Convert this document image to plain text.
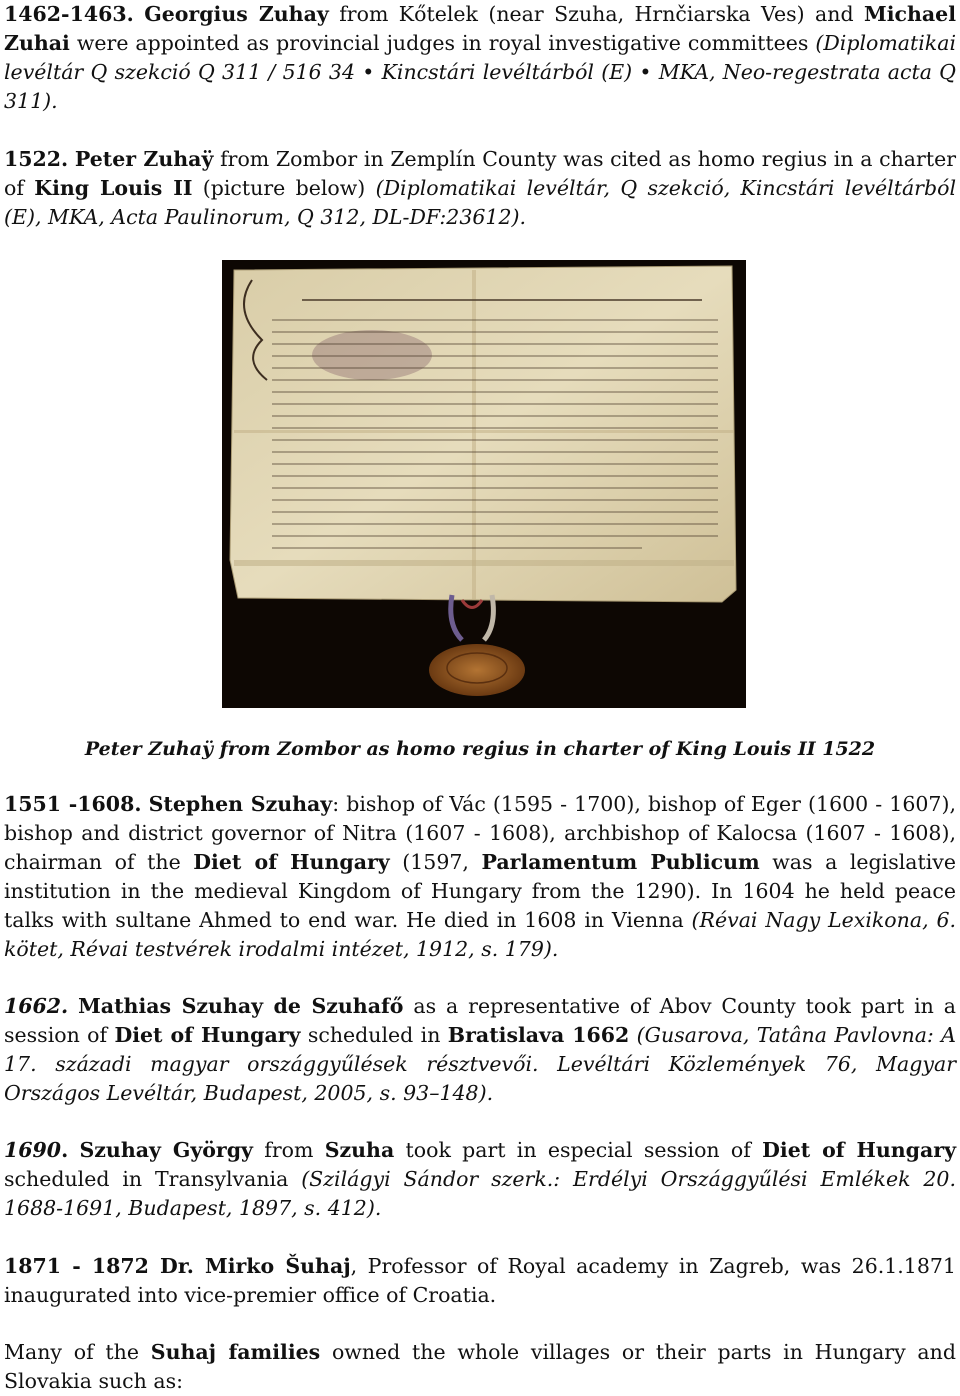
1462-1463. Georgius Zuhay from Kőtelek (near Szuha, Hrnčiarska Ves) and Michael Zuhai were appointed as provincial judges in royal investigative committees (Diplomatikai levéltár Q szekció Q 311 / 516 34 • Kincstári levéltárból (E) • MKA, Neo-regestrata acta Q 311).

1522. Peter Zuhaÿ from Zombor in Zemplín County was cited as homo regius in a charter of King Louis II (picture below) (Diplomatikai levéltár, Q szekció, Kincstári levéltárból (E), MKA, Acta Paulinorum, Q 312, DL-DF:23612).

Peter Zuhaÿ from Zombor as homo regius in charter of King Louis II 1522

1551 -1608. Stephen Szuhay: bishop of Vác (1595 - 1700), bishop of Eger (1600 - 1607), bishop and district governor of Nitra (1607 - 1608), archbishop of Kalocsa (1607 - 1608), chairman of the Diet of Hungary (1597, Parlamentum Publicum was a legislative institution in the medieval Kingdom of Hungary from the 1290). In 1604 he held peace talks with sultane Ahmed to end war. He died in 1608 in Vienna (Révai Nagy Lexikona, 6. kötet, Révai testvérek irodalmi intézet, 1912, s. 179).

1662. Mathias Szuhay de Szuhafő as a representative of Abov County took part in a session of Diet of Hungary scheduled in Bratislava 1662 (Gusarova, Tatâna Pavlovna: A 17. századi magyar országgyűlések résztvevői. Levéltári Közlemények 76, Magyar Országos Levéltár, Budapest, 2005, s. 93–148).

1690. Szuhay György from Szuha took part in especial session of Diet of Hungary scheduled in Transylvania (Szilágyi Sándor szerk.: Erdélyi Országgyűlési Emlékek 20. 1688-1691, Budapest, 1897, s. 412).

1871 - 1872 Dr. Mirko Šuhaj, Professor of Royal academy in Zagreb, was 26.1.1871 inaugurated into vice-premier office of Croatia.

Many of the Suhaj families owned the whole villages or their parts in Hungary and Slovakia such as:
